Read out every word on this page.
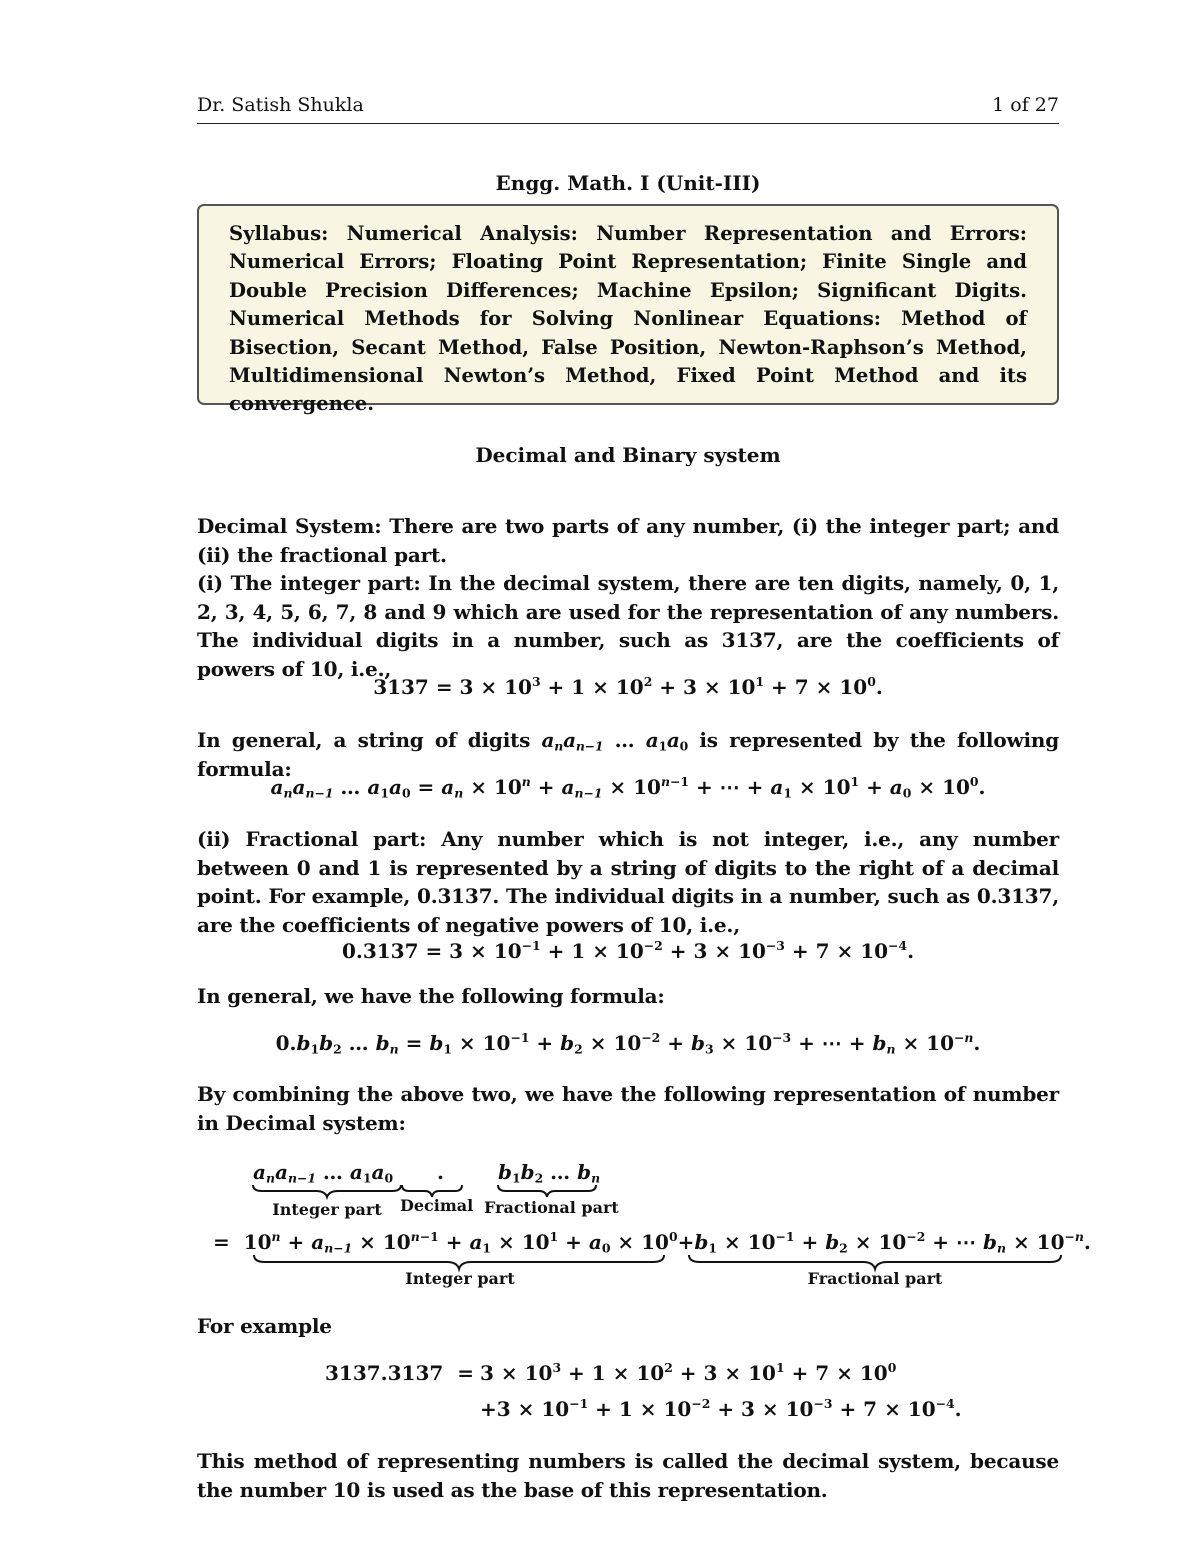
Dr. Satish Shukla	1 of 27
Engg. Math. I (Unit-III)
Syllabus: Numerical Analysis: Number Representation and Errors: Numerical Errors; Floating Point Representation; Finite Single and Double Precision Differences; Machine Epsilon; Significant Digits. Numerical Methods for Solving Nonlinear Equations: Method of Bisection, Secant Method, False Position, Newton-Raphson’s Method, Multidimensional Newton’s Method, Fixed Point Method and its convergence.
Decimal and Binary system
Decimal System: There are two parts of any number, (i) the integer part; and (ii) the fractional part.
(i) The integer part: In the decimal system, there are ten digits, namely, 0, 1, 2, 3, 4, 5, 6, 7, 8 and 9 which are used for the representation of any numbers. The individual digits in a number, such as 3137, are the coefficients of powers of 10, i.e.,
$3137 = 3 \times 10^3 + 1 \times 10^2 + 3 \times 10^1 + 7 \times 10^0$.
In general, a string of digits $a_na_{n-1}$ … $a_1a_0$ is represented by the following formula:
$a_na_{n-1}$ … $a_1a_0 = a_n \times 10^n + a_{n-1} \times 10^{n-1}$ + ⋯ + $a_1 \times 10^1 + a_0 \times 10^0$.
(ii) Fractional part: Any number which is not integer, i.e., any number between 0 and 1 is represented by a string of digits to the right of a decimal point. For example, 0.3137. The individual digits in a number, such as 0.3137, are the coefficients of negative powers of 10, i.e.,
$0.3137 = 3 \times 10^{-1} + 1 \times 10^{-2} + 3 \times 10^{-3} + 7 \times 10^{-4}$.
In general, we have the following formula:
$0.b_1b_2$ … $b_n = b_1 \times 10^{-1} + b_2 \times 10^{-2} + b_3 \times 10^{-3}$ + ⋯ + $b_n \times 10^{-n}$.
By combining the above two, we have the following representation of number in Decimal system:
$a_na_{n-1}$ … $a_1a_0$ .	$b_1b_2$ … $b_n$
Integer part Decimal Fractional part
=  $10^n + a_{n-1} \times 10^{n-1} + a_1 \times 10^1 + a_0 \times 10^0+b_1 \times 10^{-1} + b_2 \times 10^{-2}$ + ⋯ $b_n \times 10^{-n}$.
Integer part	Fractional part
For example
$3137.3137 = 3 \times 10^3 + 1 \times 10^2 + 3 \times 10^1 + 7 \times 10^0$
$+3 \times 10^{-1} + 1 \times 10^{-2} + 3 \times 10^{-3} + 7 \times 10^{-4}$.
This method of representing numbers is called the decimal system, because the number 10 is used as the base of this representation.
